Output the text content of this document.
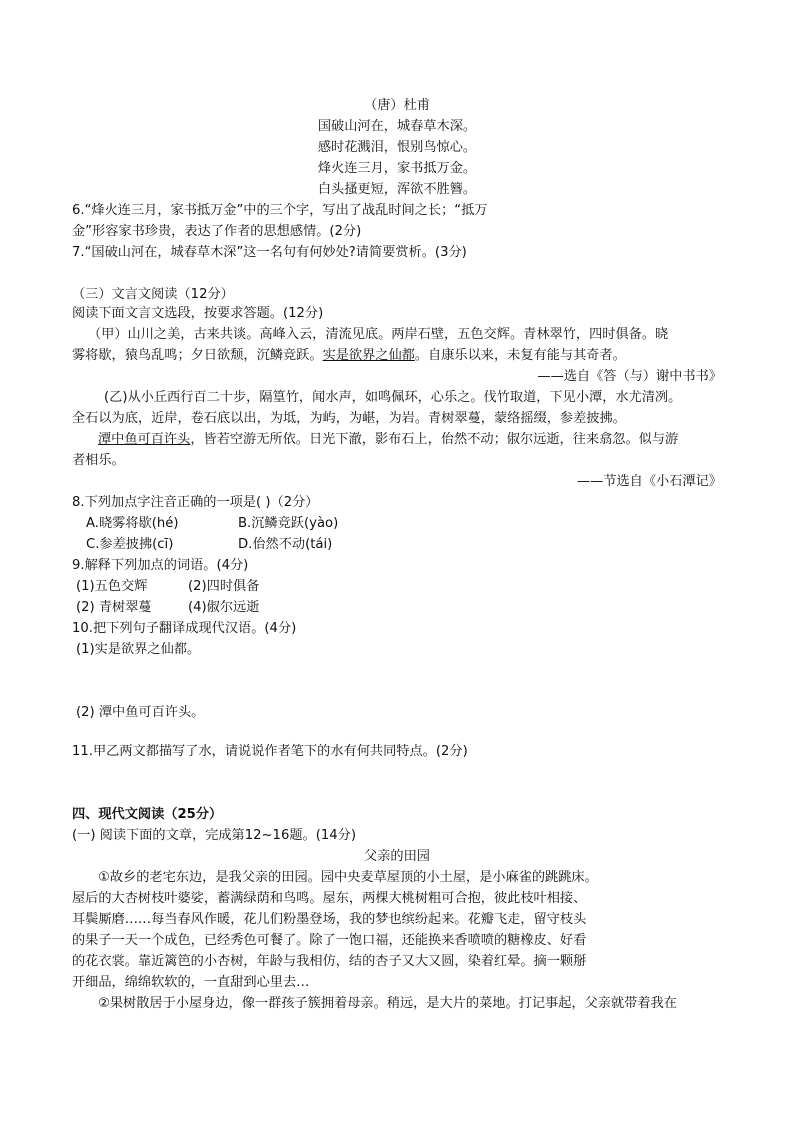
（唐）杜甫
国破山河在，城春草木深。
感时花溅泪，恨别鸟惊心。
烽火连三月，家书抵万金。
白头搔更短，浑欲不胜簪。
6.“烽火连三月，家书抵万金”中的三个字，写出了战乱时间之长；“抵万
金”形容家书珍贵，表达了作者的思想感情。(2分)
7.“国破山河在，城春草木深”这一名句有何妙处?请简要赏析。(3分)
（三）文言文阅读（12分）
阅读下面文言文选段，按要求答题。(12分)
（甲）山川之美，古来共谈。高峰入云，清流见底。两岸石壁，五色交辉。青林翠竹，四时俱备。晓
雾将歇，猿鸟乱鸣；夕日欲颓，沉鳞竞跃。实是欲界之仙都。自康乐以来，未复有能与其奇者。
——选自《答（与）谢中书书》
(乙)从小丘西行百二十步，隔篁竹，闻水声，如鸣佩环，心乐之。伐竹取道，下见小潭，水尤清冽。
全石以为底，近岸，卷石底以出，为坻，为屿，为嵁，为岩。青树翠蔓，蒙络摇缀，参差披拂。
潭中鱼可百许头，皆若空游无所依。日光下澈，影布石上，佁然不动；俶尔远逝，往来翕忽。似与游
者相乐。
——节选自《小石潭记》
8.下列加点字注音正确的一项是( )（2分）
A.晓雾将歇(hé)	B.沉鳞竞跃(yào)
C.参差披拂(cī)	D.佁然不动(tái)
9.解释下列加点的词语。(4分)
(1)五色交辉	(2)四时俱备
(2) 青树翠蔓	(4)俶尔远逝
10.把下列句子翻译成现代汉语。(4分)
(1)实是欲界之仙都。
(2) 潭中鱼可百许头。
11.甲乙两文都描写了水，请说说作者笔下的水有何共同特点。(2分)
四、现代文阅读（25分）
(一) 阅读下面的文章，完成第12~16题。(14分)
父亲的田园
①故乡的老宅东边，是我父亲的田园。园中央麦草屋顶的小土屋，是小麻雀的跳跳床。
屋后的大杏树枝叶婆娑，蓄满绿荫和鸟鸣。屋东，两棵大桃树粗可合抱，彼此枝叶相接、
耳鬓厮磨……每当春风作暖，花儿们粉墨登场，我的梦也缤纷起来。花瓣飞走，留守枝头
的果子一天一个成色，已经秀色可餐了。除了一饱口福，还能换来香喷喷的糖橡皮、好看
的花衣裳。靠近篱笆的小杏树，年龄与我相仿，结的杏子又大又圆，染着红晕。摘一颗掰
开细品，绵绵软软的，一直甜到心里去…
②果树散居于小屋身边，像一群孩子簇拥着母亲。稍远，是大片的菜地。打记事起，父亲就带着我在
